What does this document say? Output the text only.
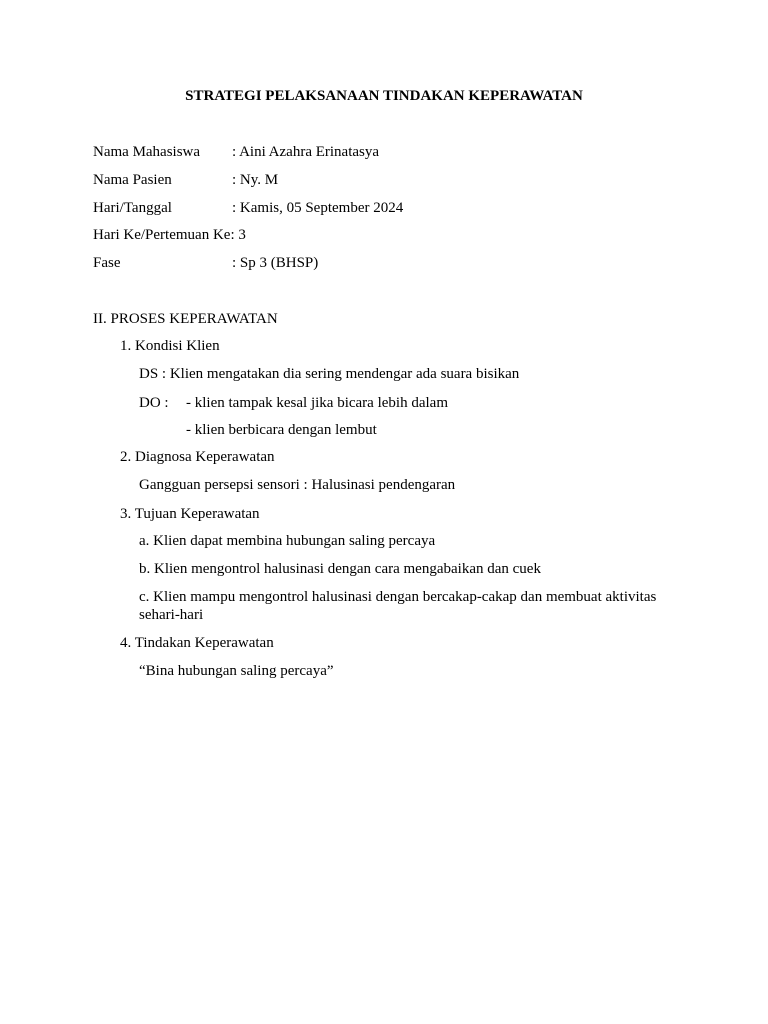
STRATEGI PELAKSANAAN TINDAKAN KEPERAWATAN
Nama Mahasiswa : Aini Azahra Erinatasya
Nama Pasien	: Ny. M
Hari/Tanggal	: Kamis, 05 September 2024
Hari Ke/Pertemuan Ke: 3
Fase	: Sp 3 (BHSP)
II. PROSES KEPERAWATAN
1. Kondisi Klien
DS : Klien mengatakan dia sering mendengar ada suara bisikan
DO : - klien tampak kesal jika bicara lebih dalam
- klien berbicara dengan lembut
2. Diagnosa Keperawatan
Gangguan persepsi sensori : Halusinasi pendengaran
3. Tujuan Keperawatan
a. Klien dapat membina hubungan saling percaya
b. Klien mengontrol halusinasi dengan cara mengabaikan dan cuek
c. Klien mampu mengontrol halusinasi dengan bercakap-cakap dan membuat aktivitas sehari-hari
4. Tindakan Keperawatan
“Bina hubungan saling percaya”
